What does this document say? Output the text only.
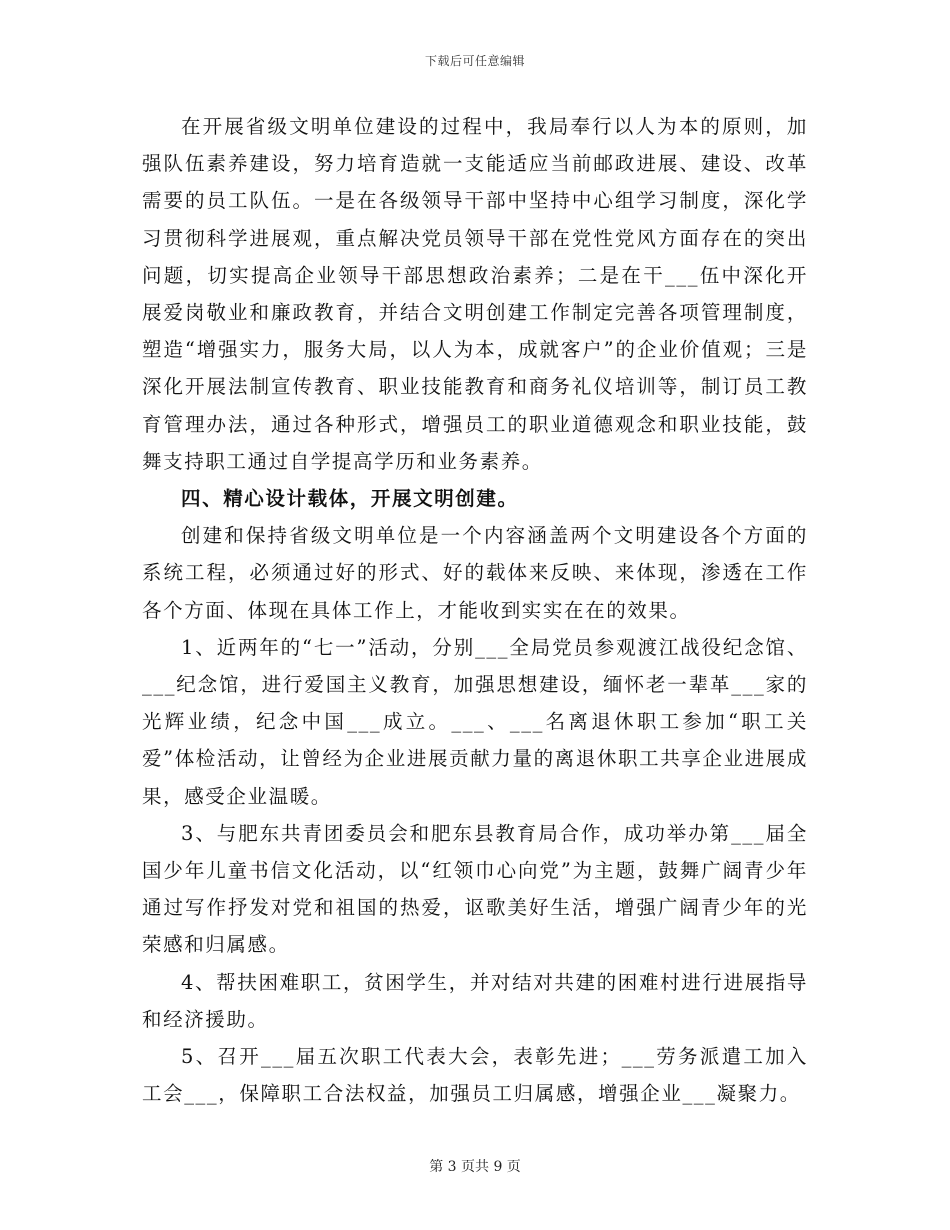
下载后可任意编辑

在开展省级文明单位建设的过程中，我局奉行以人为本的原则，加强队伍素养建设，努力培育造就一支能适应当前邮政进展、建设、改革需要的员工队伍。一是在各级领导干部中坚持中心组学习制度，深化学习贯彻科学进展观，重点解决党员领导干部在党性党风方面存在的突出问题，切实提高企业领导干部思想政治素养；二是在干___伍中深化开展爱岗敬业和廉政教育，并结合文明创建工作制定完善各项管理制度，塑造“增强实力，服务大局，以人为本，成就客户”的企业价值观；三是深化开展法制宣传教育、职业技能教育和商务礼仪培训等，制订员工教育管理办法，通过各种形式，增强员工的职业道德观念和职业技能，鼓舞支持职工通过自学提高学历和业务素养。

四、精心设计载体，开展文明创建。

创建和保持省级文明单位是一个内容涵盖两个文明建设各个方面的系统工程，必须通过好的形式、好的载体来反映、来体现，渗透在工作各个方面、体现在具体工作上，才能收到实实在在的效果。

1、近两年的“七一”活动，分别___全局党员参观渡江战役纪念馆、___纪念馆，进行爱国主义教育，加强思想建设，缅怀老一辈革___家的光辉业绩，纪念中国___成立。___、___名离退休职工参加“职工关爱”体检活动，让曾经为企业进展贡献力量的离退休职工共享企业进展成果，感受企业温暖。

3、与肥东共青团委员会和肥东县教育局合作，成功举办第___届全国少年儿童书信文化活动，以“红领巾心向党”为主题，鼓舞广阔青少年通过写作抒发对党和祖国的热爱，讴歌美好生活，增强广阔青少年的光荣感和归属感。

4、帮扶困难职工，贫困学生，并对结对共建的困难村进行进展指导和经济援助。

5、召开___届五次职工代表大会，表彰先进；___劳务派遣工加入工会___，保障职工合法权益，加强员工归属感，增强企业___凝聚力。

第 3 页共 9 页
